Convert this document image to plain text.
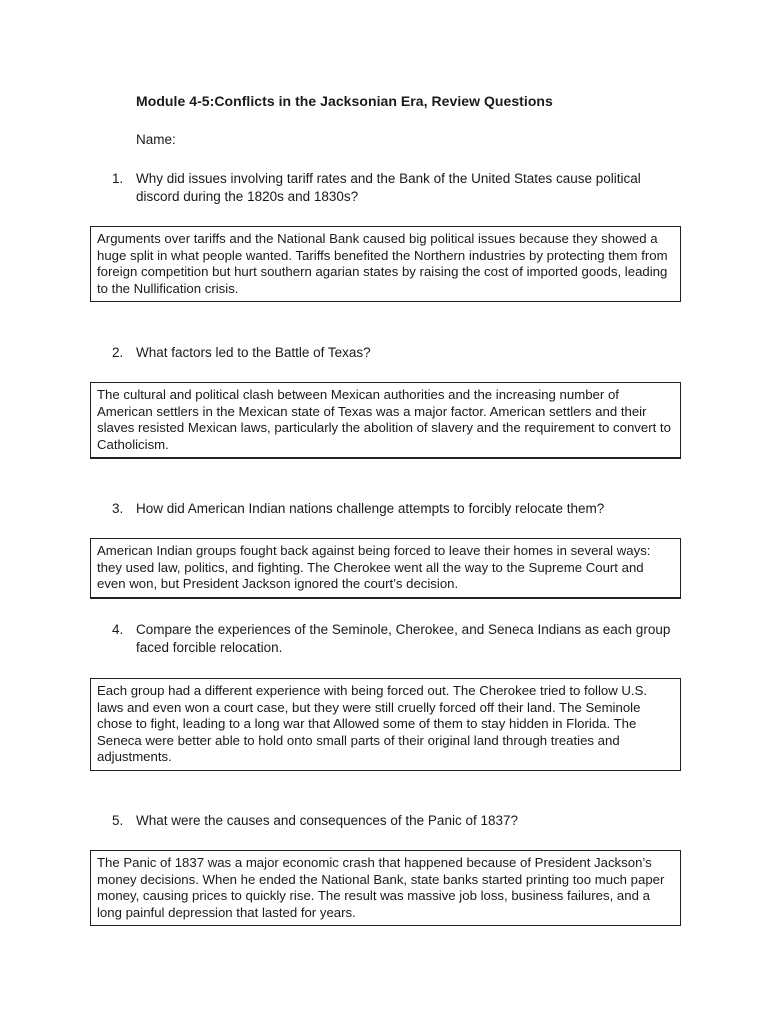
Module 4-5:Conflicts in the Jacksonian Era, Review Questions
Name:
1. Why did issues involving tariff rates and the Bank of the United States cause political discord during the 1820s and 1830s?
Arguments over tariffs and the National Bank caused big political issues because they showed a huge split in what people wanted. Tariffs benefited the Northern industries by protecting them from foreign competition but hurt southern agarian states by raising the cost of imported goods, leading to the Nullification crisis.
2. What factors led to the Battle of Texas?
The cultural and political clash between Mexican authorities and the increasing number of American settlers in the Mexican state of Texas was a major factor. American settlers and their slaves resisted Mexican laws, particularly the abolition of slavery and the requirement to convert to Catholicism.
3. How did American Indian nations challenge attempts to forcibly relocate them?
American Indian groups fought back against being forced to leave their homes in several ways: they used law, politics, and fighting. The Cherokee went all the way to the Supreme Court and even won, but President Jackson ignored the court’s decision.
4. Compare the experiences of the Seminole, Cherokee, and Seneca Indians as each group faced forcible relocation.
Each group had a different experience with being forced out. The Cherokee tried to follow U.S. laws and even won a court case, but they were still cruelly forced off their land. The Seminole chose to fight, leading to a long war that Allowed some of them to stay hidden in Florida. The Seneca were better able to hold onto small parts of their original land through treaties and adjustments.
5. What were the causes and consequences of the Panic of 1837?
The Panic of 1837 was a major economic crash that happened because of President Jackson’s money decisions. When he ended the National Bank, state banks started printing too much paper money, causing prices to quickly rise. The result was massive job loss, business failures, and a long painful depression that lasted for years.
